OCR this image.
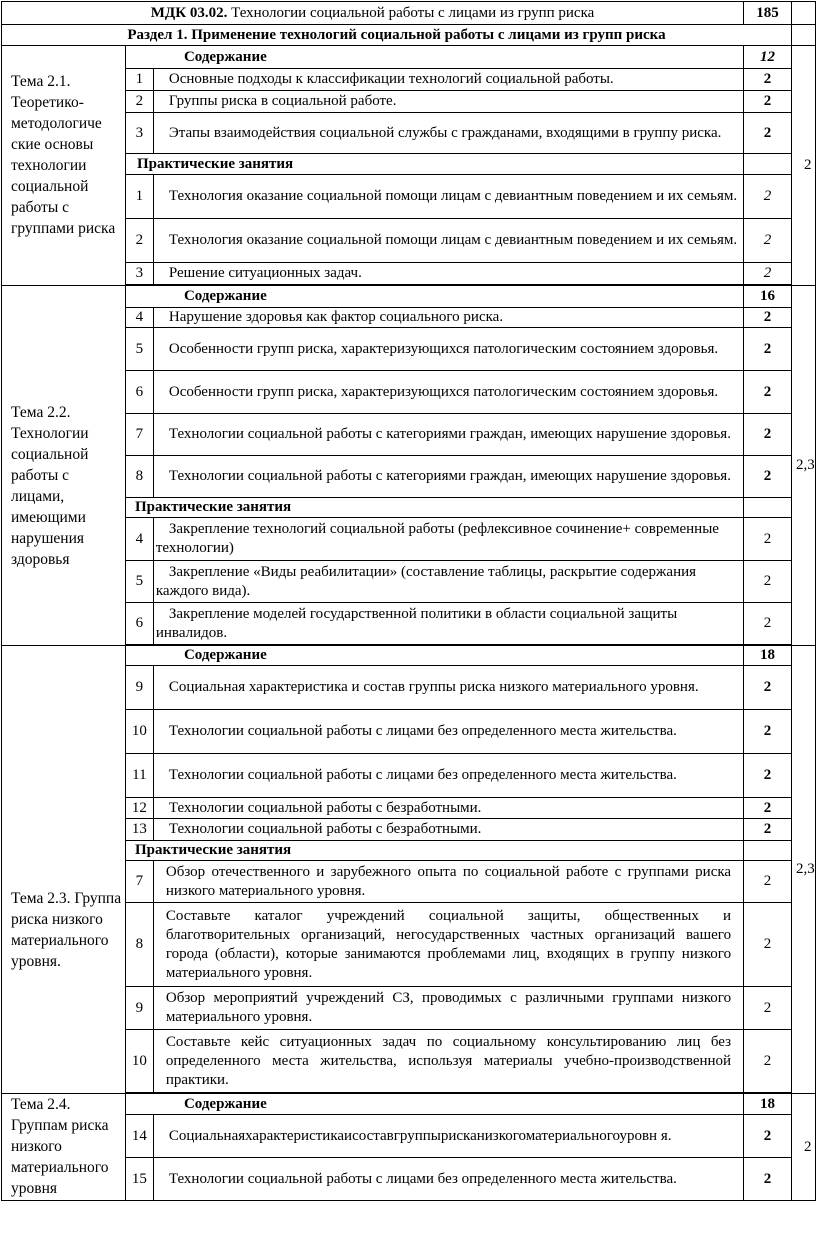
МДК 03.02. Технологии социальной работы с лицами из групп риска			185	
Раздел 1. Применение технологий социальной работы с лицами из групп риска				
Тема 2.1. Теоретико-методологиче ские основы технологии социальной работы с группами риска	Содержание		12	2
	1	Основные подходы к классификации технологий социальной работы.	2	
	2	Группы риска в социальной работе.	2	
	3	Этапы взаимодействия социальной службы с гражданами, входящими в группу риска.	2	
	Практические занятия			
	1	Технология оказание социальной помощи лицам с девиантным поведением и их семьям.	2	
	2	Технология оказание социальной помощи лицам с девиантным поведением и их семьям.	2	
	3	Решение ситуационных задач.	2	

Тема 2.2. Технологии социальной работы с лицами, имеющими нарушения здоровья	Содержание		16	2,3
	4	Нарушение здоровья как фактор социального риска.	2	
	5	Особенности групп риска, характеризующихся патологическим состоянием здоровья.	2	
	6	Особенности групп риска, характеризующихся патологическим состоянием здоровья.	2	
	7	Технологии социальной работы с категориями граждан, имеющих нарушение здоровья.	2	
	8	Технологии социальной работы с категориями граждан, имеющих нарушение здоровья.	2	
	Практические занятия			
	4	Закрепление технологий социальной работы (рефлексивное сочинение+ современные технологии)	2	
	5	Закрепление «Виды реабилитации» (составление таблицы, раскрытие содержания каждого вида).	2	
	6	Закрепление моделей государственной политики в области социальной защиты инвалидов.	2	

Тема 2.3. Группа риска низкого материального уровня.	Содержание		18	2,3
	9	Социальная характеристика и состав группы риска низкого материального уровня.	2	
	10	Технологии социальной работы с лицами без определенного места жительства.	2	
	11	Технологии социальной работы с лицами без определенного места жительства.	2	
	12	Технологии социальной работы с безработными.	2	
	13	Технологии социальной работы с безработными.	2	
	Практические занятия			
	7	Обзор отечественного и зарубежного опыта по социальной работе с группами риска низкого материального уровня.	2	
	8	Составьте каталог учреждений социальной защиты, общественных и благотворительных организаций, негосударственных частных организаций вашего города (области), которые занимаются проблемами лиц, входящих в группу низкого материального уровня.	2	
	9	Обзор мероприятий учреждений СЗ, проводимых с различными группами низкого материального уровня.	2	
	10	Составьте кейс ситуационных задач по социальному консультированию лиц без определенного места жительства, используя материалы учебно-производственной практики.	2	

Тема 2.4. Группам риска низкого материального уровня	Содержание		18	2
	14	Социальнаяхарактеристикаисоставгруппырисканизкогоматериальногоуровн я.	2	
	15	Технологии социальной работы с лицами без определенного места жительства.	2	
